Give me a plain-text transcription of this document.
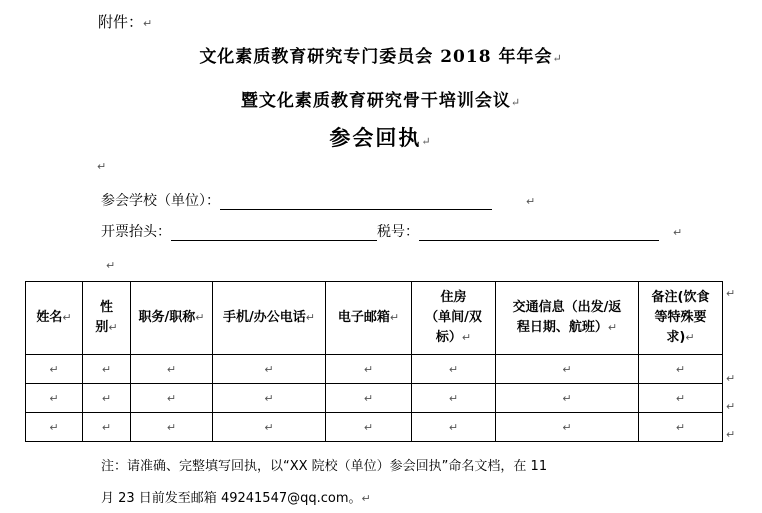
附件：↵
文化素质教育研究专门委员会 2018 年年会↵
暨文化素质教育研究骨干培训会议↵
参会回执↵
↵
参会学校（单位）：	↵
开票抬头：	税号：	↵
↵
姓名↵	性
别↵	职务/职称↵	手机/办公电话↵	电子邮箱↵	住房
（单间/双
标）↵	交通信息（出发/返
程日期、航班）↵	备注(饮食
等特殊要
求)↵
↵	↵	↵	↵	↵	↵	↵	↵
↵	↵	↵	↵	↵	↵	↵	↵
↵	↵	↵	↵	↵	↵	↵	↵
注：请准确、完整填写回执，以“XX 院校（单位）参会回执”命名文档，在 11
月 23 日前发至邮箱 49241547@qq.com。↵
↵
↵
↵
↵
